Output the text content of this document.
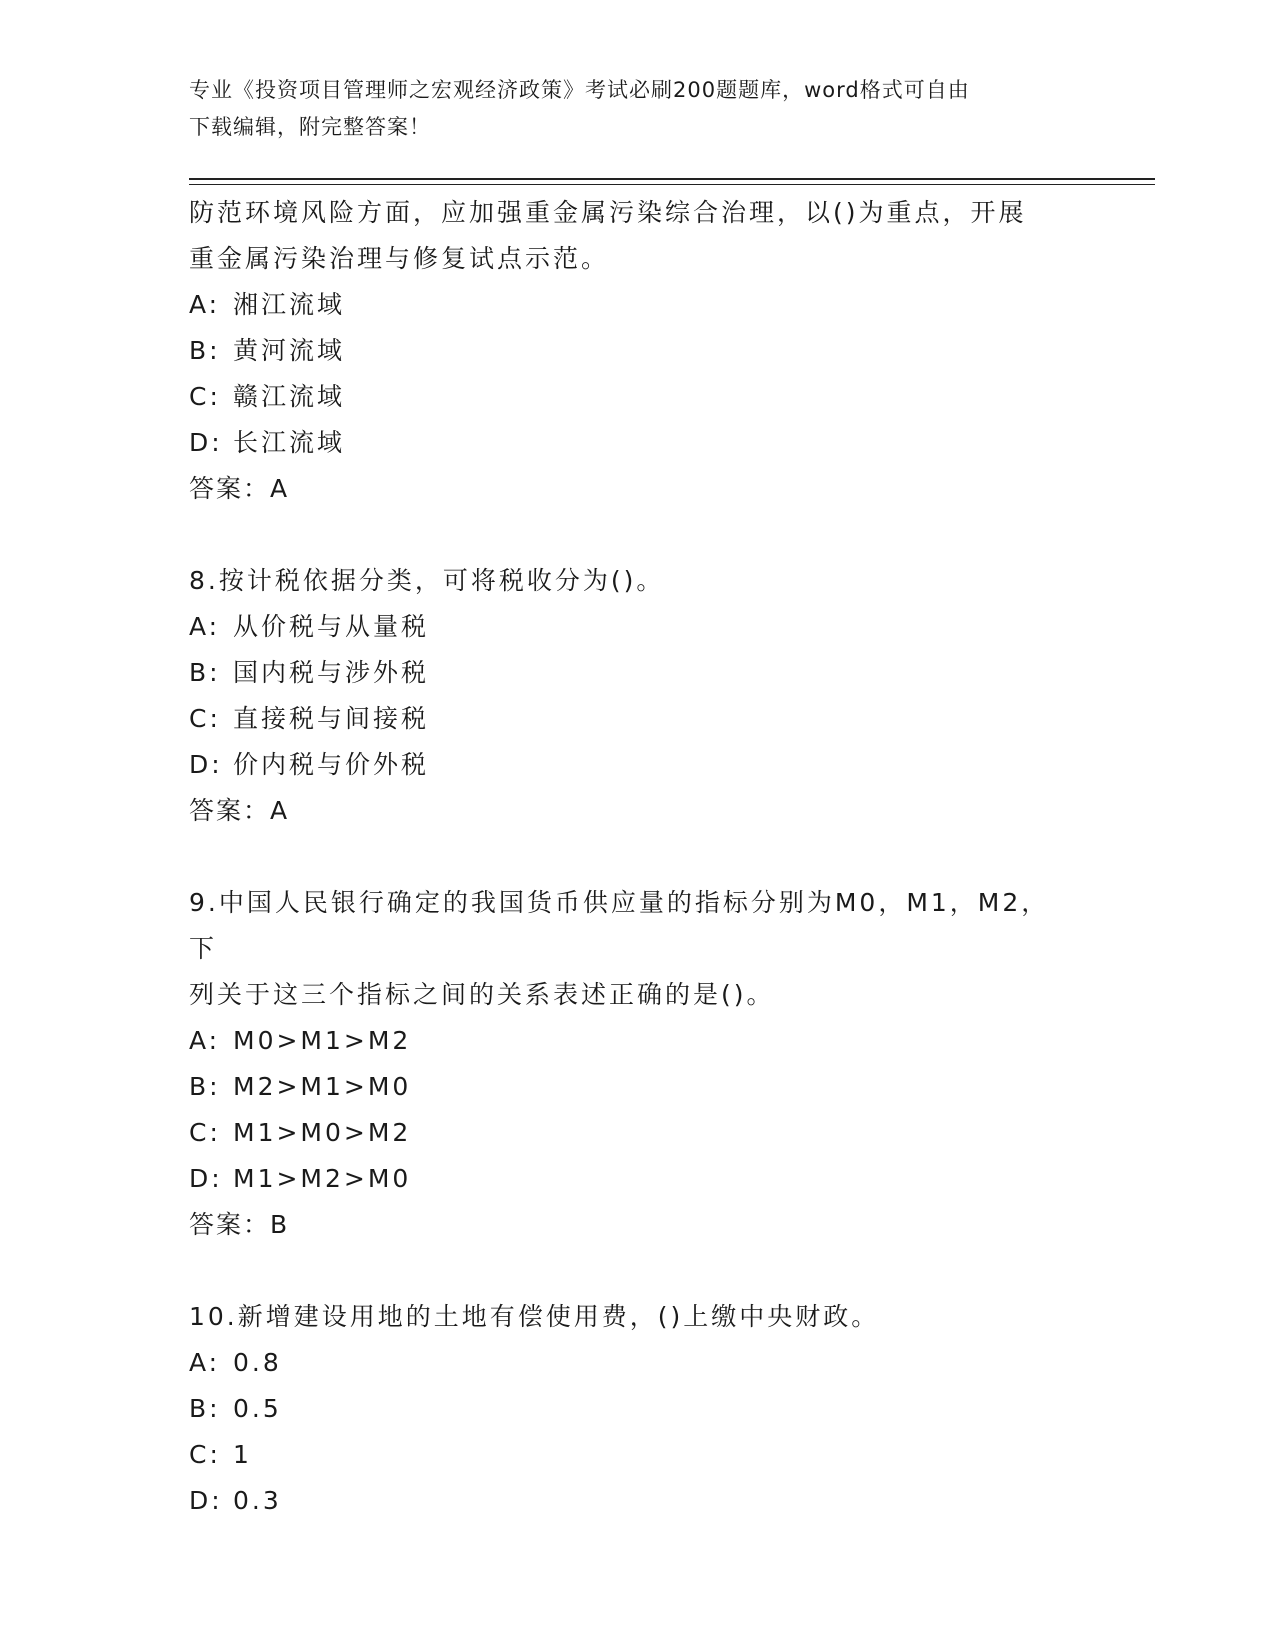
专业《投资项目管理师之宏观经济政策》考试必刷200题题库，word格式可自由
下载编辑，附完整答案！
防范环境风险方面，应加强重金属污染综合治理，以()为重点，开展
重金属污染治理与修复试点示范。
A: 湘江流域
B: 黄河流域
C: 赣江流域
D: 长江流域
答案：A
8.按计税依据分类，可将税收分为()。
A: 从价税与从量税
B: 国内税与涉外税
C: 直接税与间接税
D: 价内税与价外税
答案：A
9.中国人民银行确定的我国货币供应量的指标分别为M0，M1，M2，下
列关于这三个指标之间的关系表述正确的是()。
A: M0>M1>M2
B: M2>M1>M0
C: M1>M0>M2
D: M1>M2>M0
答案：B
10.新增建设用地的土地有偿使用费，()上缴中央财政。
A: 0.8
B: 0.5
C: 1
D: 0.3
